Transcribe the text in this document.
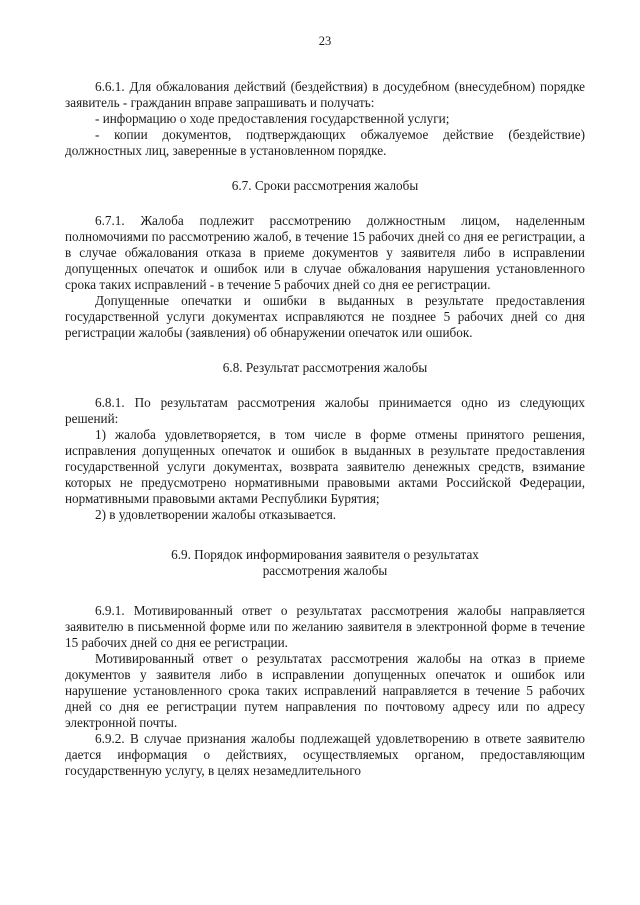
23

6.6.1. Для обжалования действий (бездействия) в досудебном (внесудебном) порядке заявитель - гражданин вправе запрашивать и получать:

- информацию о ходе предоставления государственной услуги;

- копии документов, подтверждающих обжалуемое действие (бездействие) должностных лиц, заверенные в установленном порядке.

6.7. Сроки рассмотрения жалобы

6.7.1. Жалоба подлежит рассмотрению должностным лицом, наделенным полномочиями по рассмотрению жалоб, в течение 15 рабочих дней со дня ее регистрации, а в случае обжалования отказа в приеме документов у заявителя либо в исправлении допущенных опечаток и ошибок или в случае обжалования нарушения установленного срока таких исправлений - в течение 5 рабочих дней со дня ее регистрации.

Допущенные опечатки и ошибки в выданных в результате предоставления государственной услуги документах исправляются не позднее 5 рабочих дней со дня регистрации жалобы (заявления) об обнаружении опечаток или ошибок.

6.8. Результат рассмотрения жалобы

6.8.1. По результатам рассмотрения жалобы принимается одно из следующих решений:

1) жалоба удовлетворяется, в том числе в форме отмены принятого решения, исправления допущенных опечаток и ошибок в выданных в результате предоставления государственной услуги документах, возврата заявителю денежных средств, взимание которых не предусмотрено нормативными правовыми актами Российской Федерации, нормативными правовыми актами Республики Бурятия;

2) в удовлетворении жалобы отказывается.

6.9. Порядок информирования заявителя о результатах
рассмотрения жалобы

6.9.1. Мотивированный ответ о результатах рассмотрения жалобы направляется заявителю в письменной форме или по желанию заявителя в электронной форме в течение 15 рабочих дней со дня ее регистрации.

Мотивированный ответ о результатах рассмотрения жалобы на отказ в приеме документов у заявителя либо в исправлении допущенных опечаток и ошибок или нарушение установленного срока таких исправлений направляется в течение 5 рабочих дней со дня ее регистрации путем направления по почтовому адресу или по адресу электронной почты.

6.9.2. В случае признания жалобы подлежащей удовлетворению в ответе заявителю дается информация о действиях, осуществляемых органом, предоставляющим государственную услугу, в целях незамедлительного
